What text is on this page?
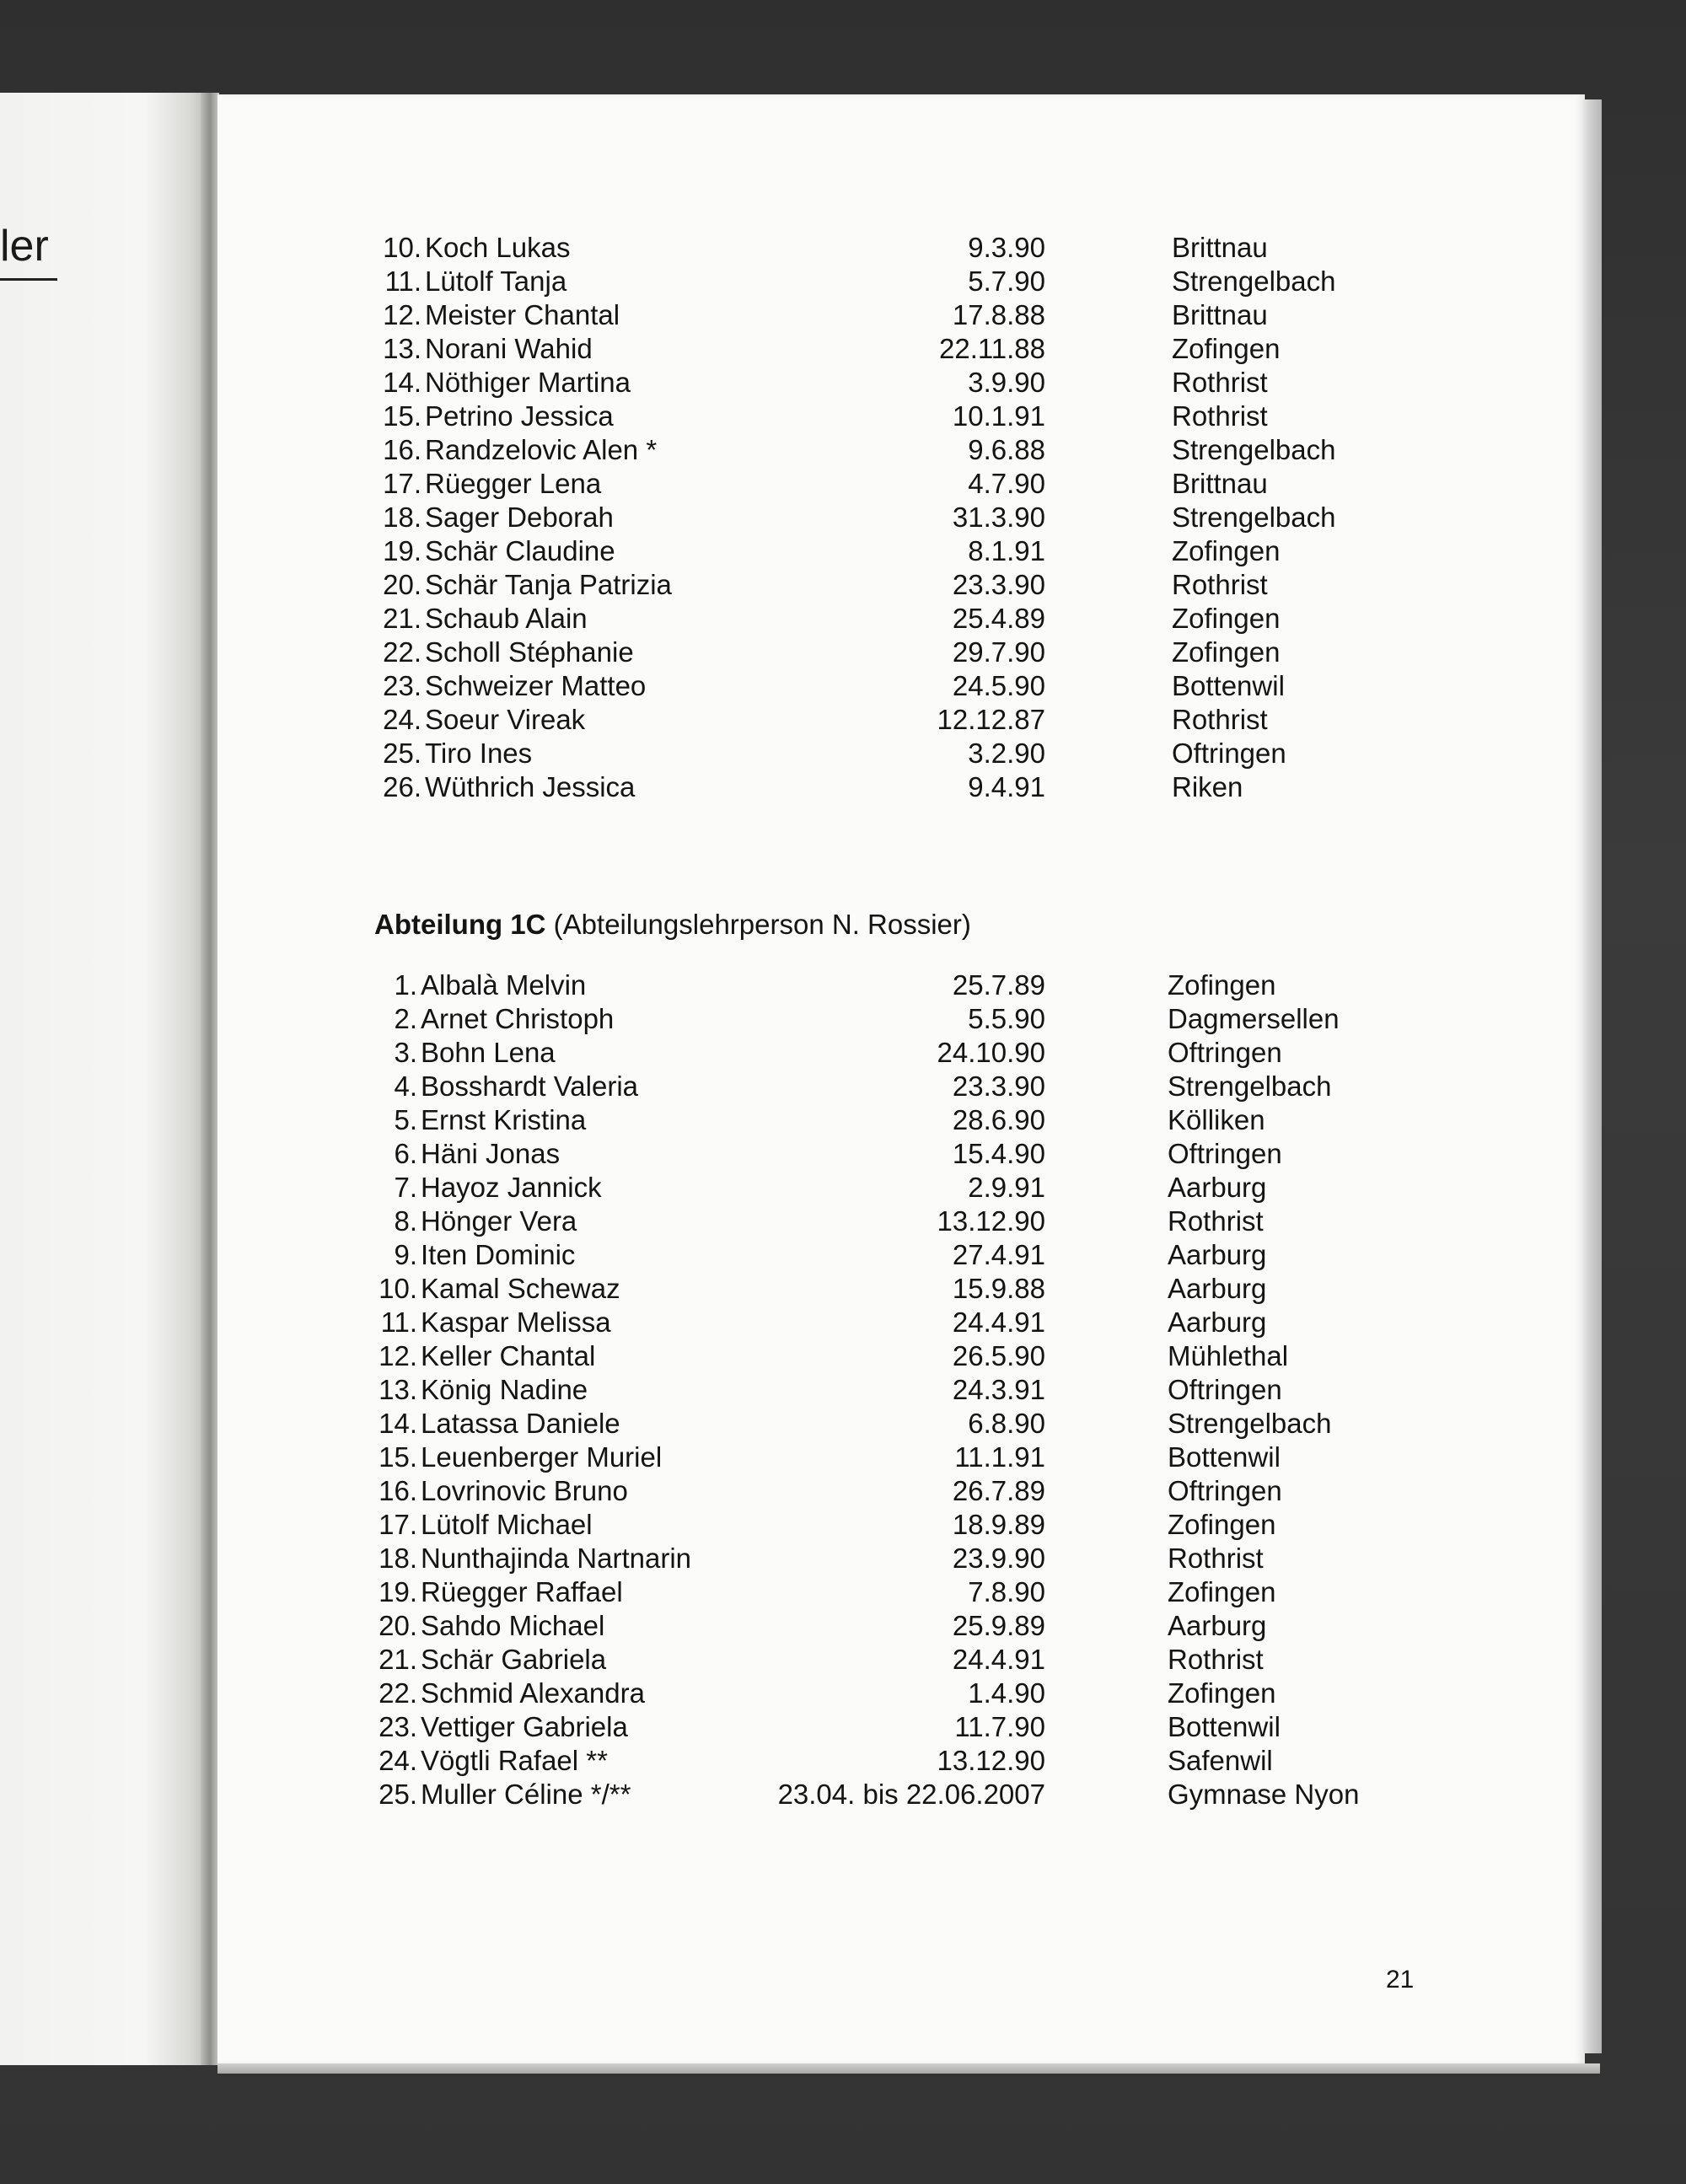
ler	10. Koch Lukas	9.3.90	Brittnau
11. Lütolf Tanja	5.7.90	Strengelbach
12. Meister Chantal	17.8.88	Brittnau
13. Norani Wahid	22.11.88	Zofingen
14. Nöthiger Martina	3.9.90	Rothrist
15. Petrino Jessica	10.1.91	Rothrist
16. Randzelovic Alen *	9.6.88	Strengelbach
17. Rüegger Lena	4.7.90	Brittnau
18. Sager Deborah	31.3.90	Strengelbach
19. Schär Claudine	8.1.91	Zofingen
20. Schär Tanja Patrizia	23.3.90	Rothrist
21. Schaub Alain	25.4.89	Zofingen
22. Scholl Stéphanie	29.7.90	Zofingen
23. Schweizer Matteo	24.5.90	Bottenwil
24. Soeur Vireak	12.12.87	Rothrist
25. Tiro Ines	3.2.90	Oftringen
26. Wüthrich Jessica	9.4.91	Riken
Abteilung 1C (Abteilungslehrperson N. Rossier)
1. Albalà Melvin	25.7.89	Zofingen
2. Arnet Christoph	5.5.90	Dagmersellen
3. Bohn Lena	24.10.90	Oftringen
4. Bosshardt Valeria	23.3.90	Strengelbach
5. Ernst Kristina	28.6.90	Kölliken
6. Häni Jonas	15.4.90	Oftringen
7. Hayoz Jannick	2.9.91	Aarburg
8. Hönger Vera	13.12.90	Rothrist
9. Iten Dominic	27.4.91	Aarburg
10. Kamal Schewaz	15.9.88	Aarburg
11. Kaspar Melissa	24.4.91	Aarburg
12. Keller Chantal	26.5.90	Mühlethal
13. König Nadine	24.3.91	Oftringen
14. Latassa Daniele	6.8.90	Strengelbach
15. Leuenberger Muriel	11.1.91	Bottenwil
16. Lovrinovic Bruno	26.7.89	Oftringen
17. Lütolf Michael	18.9.89	Zofingen
18. Nunthajinda Nartnarin	23.9.90	Rothrist
19. Rüegger Raffael	7.8.90	Zofingen
20. Sahdo Michael	25.9.89	Aarburg
21. Schär Gabriela	24.4.91	Rothrist
22. Schmid Alexandra	1.4.90	Zofingen
23. Vettiger Gabriela	11.7.90	Bottenwil
24. Vögtli Rafael **	13.12.90	Safenwil
25. Muller Céline */**	23.04. bis 22.06.2007	Gymnase Nyon
21
